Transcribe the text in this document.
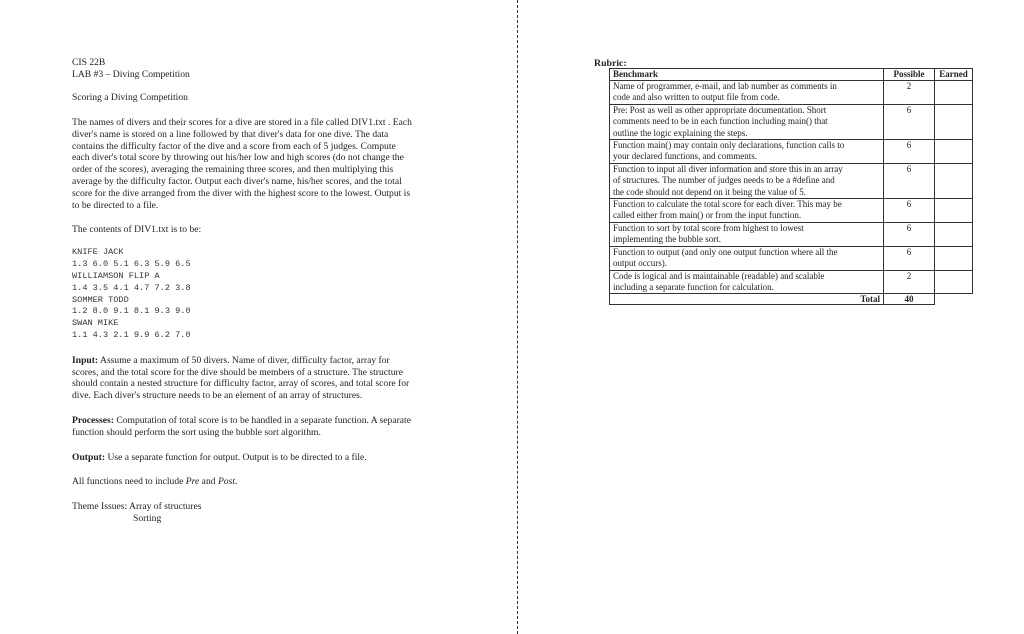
CIS 22B
LAB #3 – Diving Competition
Scoring a Diving Competition
The names of divers and their scores for a dive are stored in a file called DIV1.txt . Each
diver's name is stored on a line followed by that diver's data for one dive. The data
contains the difficulty factor of the dive and a score from each of 5 judges. Compute
each diver's total score by throwing out his/her low and high scores (do not change the
order of the scores), averaging the remaining three scores, and then multiplying this
average by the difficulty factor. Output each diver's name, his/her scores, and the total
score for the dive arranged from the diver with the highest score to the lowest. Output is
to be directed to a file.
The contents of DIV1.txt is to be:
KNIFE JACK
1.3 6.0 5.1 6.3 5.9 6.5
WILLIAMSON FLIP A
1.4 3.5 4.1 4.7 7.2 3.8
SOMMER TODD
1.2 8.0 9.1 8.1 9.3 9.0
SWAN MIKE
1.1 4.3 2.1 9.9 6.2 7.0
Input: Assume a maximum of 50 divers. Name of diver, difficulty factor, array for
scores, and the total score for the dive should be members of a structure. The structure
should contain a nested structure for difficulty factor, array of scores, and total score for
dive. Each diver's structure needs to be an element of an array of structures.
Processes: Computation of total score is to be handled in a separate function. A separate
function should perform the sort using the bubble sort algorithm.
Output: Use a separate function for output. Output is to be directed to a file.
All functions need to include Pre and Post.
Theme Issues: Array of structures
Sorting
Rubric:
Benchmark	Possible	Earned

Name of programmer, e-mail, and lab number as comments in
code and also written to output file from code.	2	

Pre: Post as well as other appropriate documentation. Short
comments need to be in each function including main() that
outline the logic explaining the steps.	6	

Function main() may contain only declarations, function calls to
your declared functions, and comments.	6	

Function to input all diver information and store this in an array
of structures. The number of judges needs to be a #define and
the code should not depend on it being the value of 5.	6	

Function to calculate the total score for each diver. This may be
called either from main() or from the input function.	6	

Function to sort by total score from highest to lowest
implementing the bubble sort.	6	

Function to output (and only one output function where all the
output occurs).	6	

Code is logical and is maintainable (readable) and scalable
including a separate function for calculation.	2	
Total	40	
